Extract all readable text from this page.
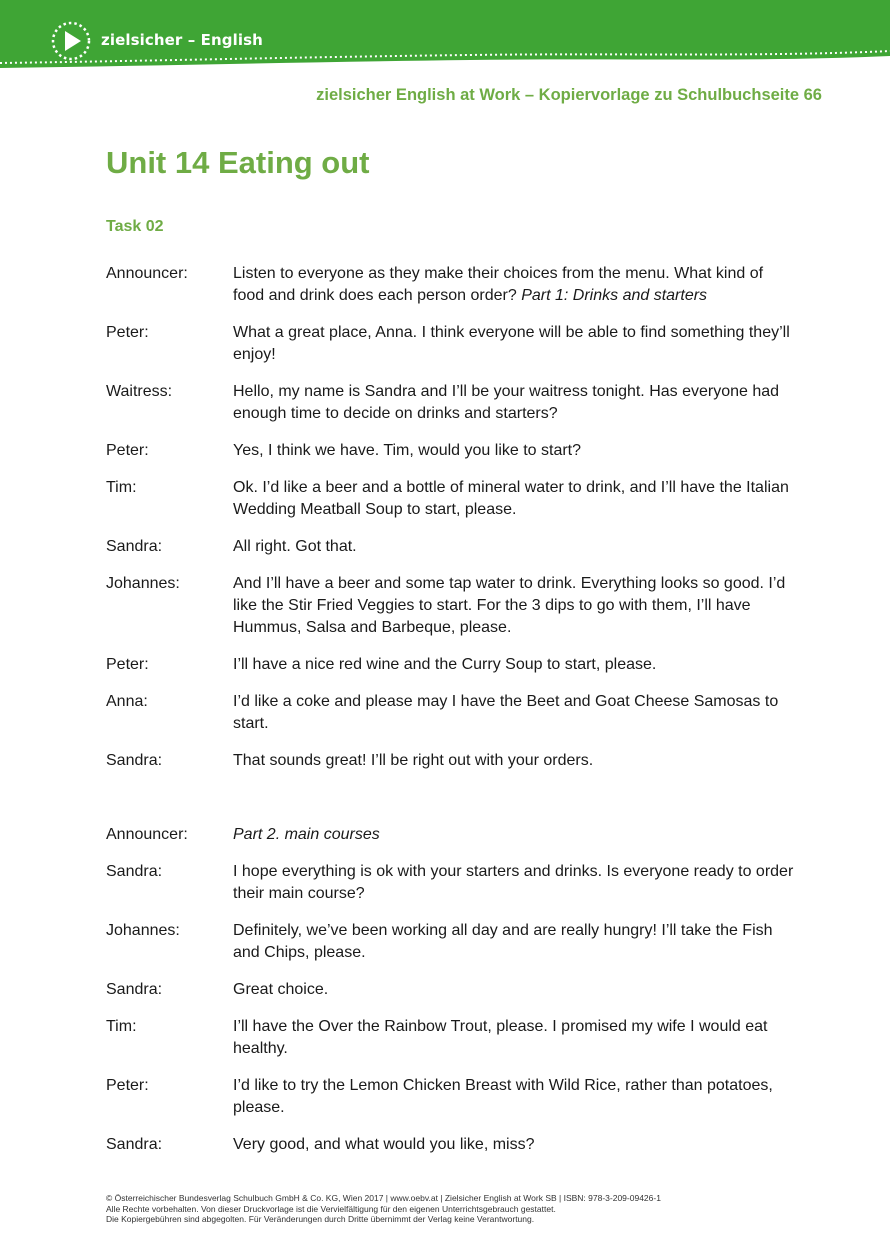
zielsicher – English
zielsicher English at Work – Kopiervorlage zu Schulbuchseite 66
Unit 14 Eating out
Task 02
Announcer:	Listen to everyone as they make their choices from the menu. What kind of food and drink does each person order? Part 1: Drinks and starters
Peter:	What a great place, Anna. I think everyone will be able to find something they’ll enjoy!
Waitress:	Hello, my name is Sandra and I’ll be your waitress tonight. Has everyone had enough time to decide on drinks and starters?
Peter:	Yes, I think we have. Tim, would you like to start?
Tim:	Ok. I’d like a beer and a bottle of mineral water to drink, and I’ll have the Italian Wedding Meatball Soup to start, please.
Sandra:	All right. Got that.
Johannes:	And I’ll have a beer and some tap water to drink. Everything looks so good. I’d like the Stir Fried Veggies to start. For the 3 dips to go with them, I’ll have Hummus, Salsa and Barbeque, please.
Peter:	I’ll have a nice red wine and the Curry Soup to start, please.
Anna:	I’d like a coke and please may I have the Beet and Goat Cheese Samosas to start.
Sandra:	That sounds great! I’ll be right out with your orders.
Announcer:	Part 2. main courses
Sandra:	I hope everything is ok with your starters and drinks. Is everyone ready to order their main course?
Johannes:	Definitely, we’ve been working all day and are really hungry! I’ll take the Fish and Chips, please.
Sandra:	Great choice.
Tim:	I’ll have the Over the Rainbow Trout, please. I promised my wife I would eat healthy.
Peter:	I’d like to try the Lemon Chicken Breast with Wild Rice, rather than potatoes, please.
Sandra:	Very good, and what would you like, miss?
© Österreichischer Bundesverlag Schulbuch GmbH & Co. KG, Wien 2017 | www.oebv.at | Zielsicher English at Work SB | ISBN: 978-3-209-09426-1
Alle Rechte vorbehalten. Von dieser Druckvorlage ist die Vervielfältigung für den eigenen Unterrichtsgebrauch gestattet.
Die Kopiergebühren sind abgegolten. Für Veränderungen durch Dritte übernimmt der Verlag keine Verantwortung.
